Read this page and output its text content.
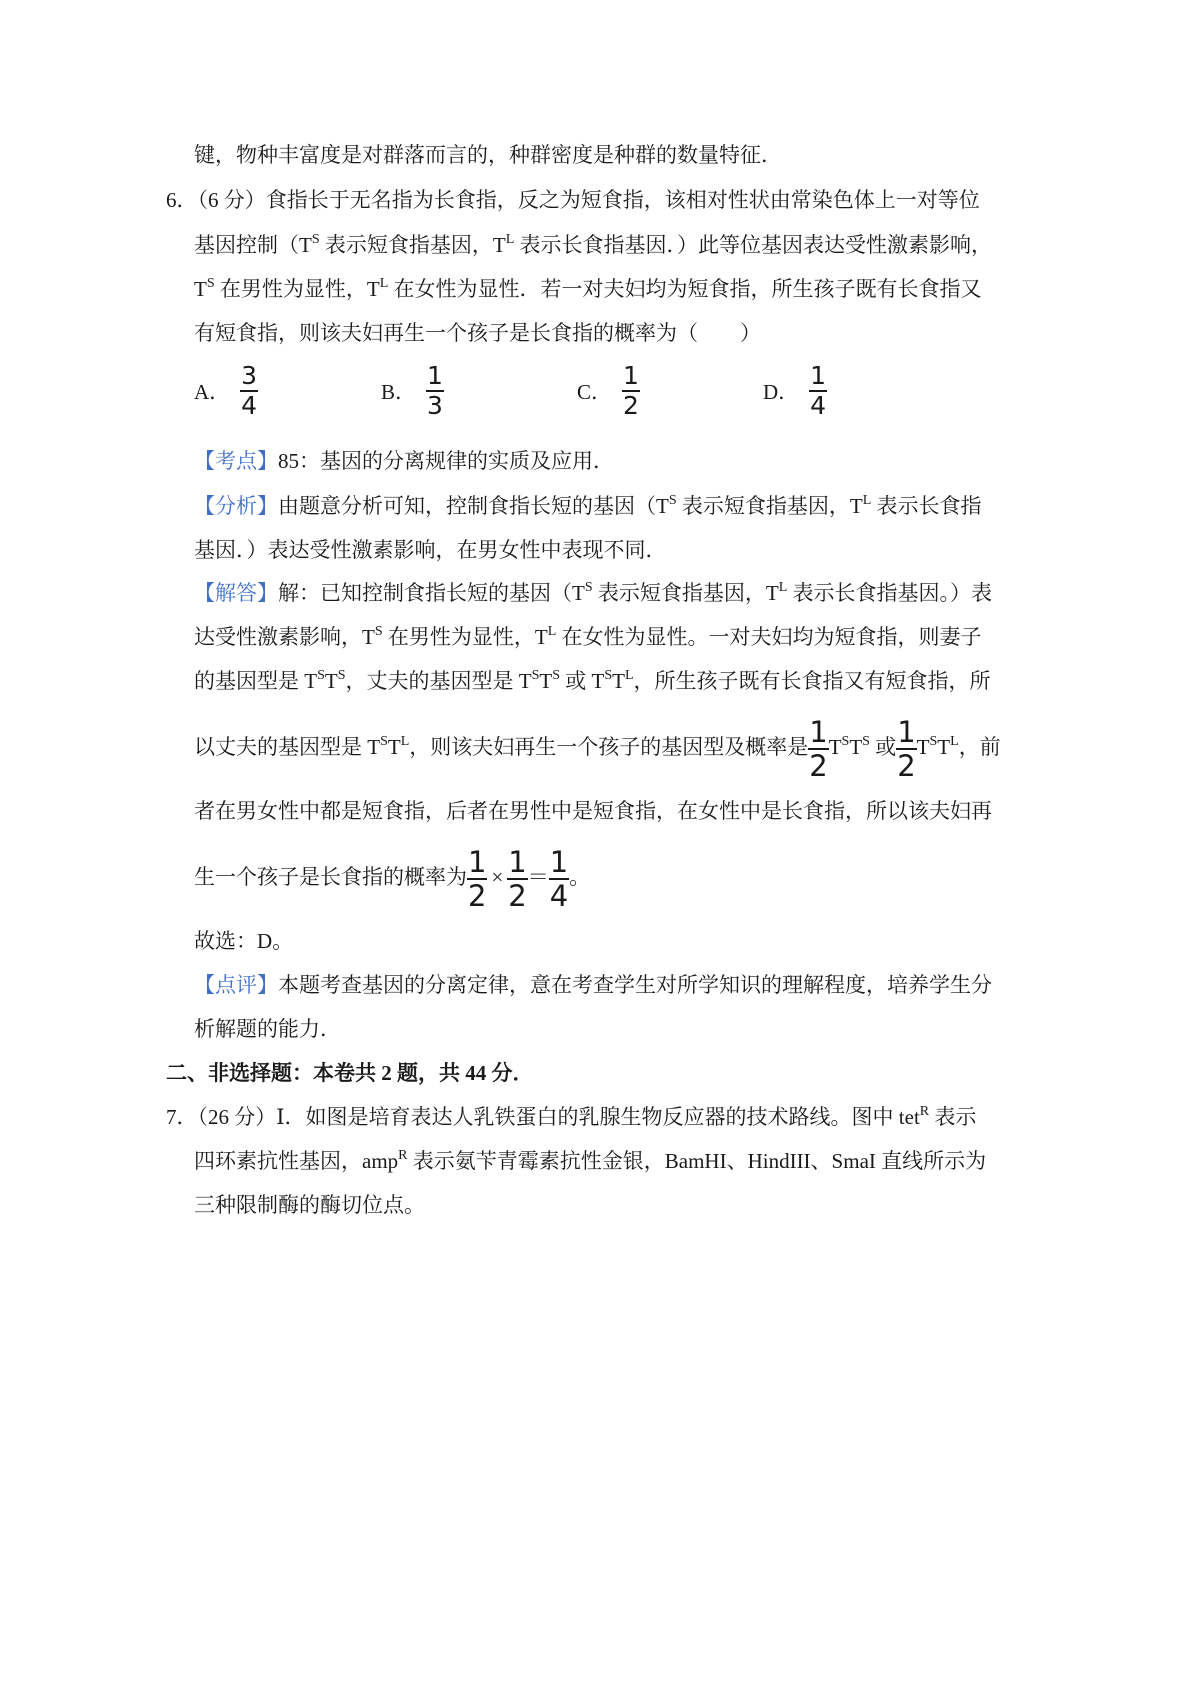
键，物种丰富度是对群落而言的，种群密度是种群的数量特征．
6．（6 分）食指长于无名指为长食指，反之为短食指，该相对性状由常染色体上一对等位
基因控制（$T^S$ 表示短食指基因，$T^L$ 表示长食指基因．）此等位基因表达受性激素影响，
$T^S$ 在男性为显性，$T^L$ 在女性为显性．若一对夫妇均为短食指，所生孩子既有长食指又
有短食指，则该夫妇再生一个孩子是长食指的概率为（　　）
A． $\frac{3}{4}$	B． $\frac{1}{3}$	C． $\frac{1}{2}$	D． $\frac{1}{4}$
【考点】85：基因的分离规律的实质及应用．
【分析】由题意分析可知，控制食指长短的基因（$T^S$ 表示短食指基因，$T^L$ 表示长食指
基因．）表达受性激素影响，在男女性中表现不同．
【解答】解：已知控制食指长短的基因（$T^S$ 表示短食指基因，$T^L$ 表示长食指基因。）表
达受性激素影响，$T^S$ 在男性为显性，$T^L$ 在女性为显性。一对夫妇均为短食指，则妻子
的基因型是 $T^ST^S$，丈夫的基因型是 $T^ST^S$ 或 $T^ST^L$，所生孩子既有长食指又有短食指，所
以丈夫的基因型是 $T^ST^L$，则该夫妇再生一个孩子的基因型及概率是 $\frac{1}{2} T^ST^S$ 或 $\frac{1}{2} T^ST^L$，前
者在男女性中都是短食指，后者在男性中是短食指，在女性中是长食指，所以该夫妇再
生一个孩子是长食指的概率为 $\frac{1}{2} \times \frac{1}{2} = \frac{1}{4}$ 。
故选：D。
【点评】本题考查基因的分离定律，意在考查学生对所学知识的理解程度，培养学生分
析解题的能力．
二、非选择题：本卷共 2 题，共 44 分．
7．（26 分）Ⅰ．如图是培育表达人乳铁蛋白的乳腺生物反应器的技术路线。图中 tet$^R$ 表示
四环素抗性基因，amp$^R$ 表示氨苄青霉素抗性金银，BamHI、HindIII、SmaI 直线所示为
三种限制酶的酶切位点。
